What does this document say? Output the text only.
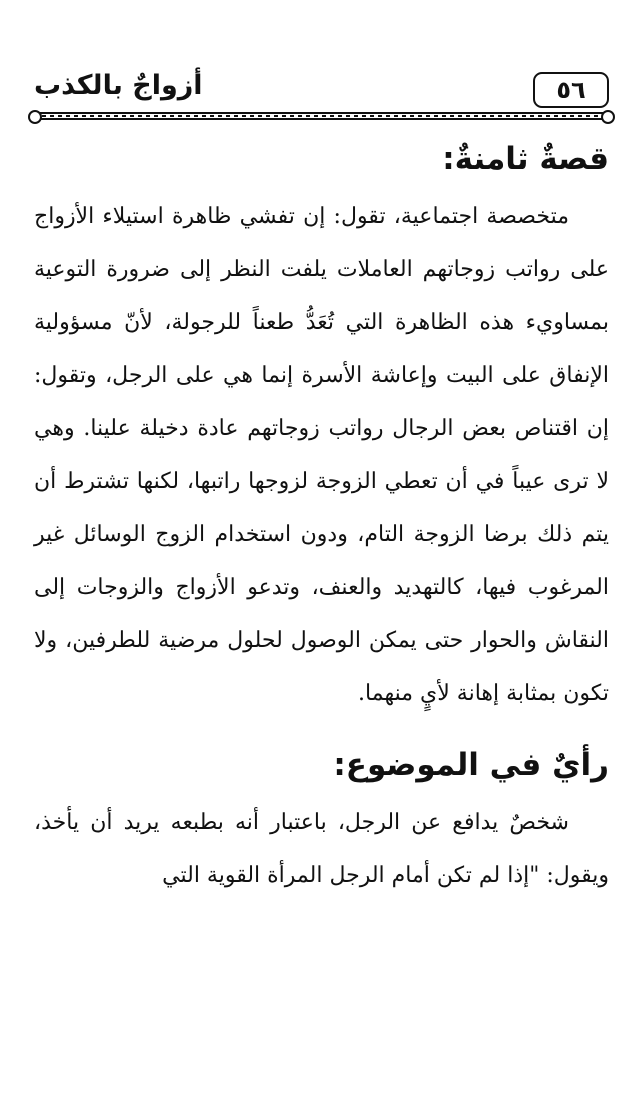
٥٦
أزواجٌ بالكذب
قصةٌ ثامنةٌ:

متخصصة اجتماعية، تقول: إن تفشي ظاهرة استيلاء الأزواج على رواتب زوجاتهم العاملات يلفت النظر إلى ضرورة التوعية بمساويء هذه الظاهرة التي تُعَدُّ طعناً للرجولة، لأنّ مسؤولية الإنفاق على البيت وإعاشة الأسرة إنما هي على الرجل، وتقول: إن اقتناص بعض الرجال رواتب زوجاتهم عادة دخيلة علينا. وهي لا ترى عيباً في أن تعطي الزوجة لزوجها راتبها، لكنها تشترط أن يتم ذلك برضا الزوجة التام، ودون استخدام الزوج الوسائل غير المرغوب فيها، كالتهديد والعنف، وتدعو الأزواج والزوجات إلى النقاش والحوار حتى يمكن الوصول لحلول مرضية للطرفين، ولا تكون بمثابة إهانة لأيٍ منهما.

رأيٌ في الموضوع:

شخصٌ يدافع عن الرجل، باعتبار أنه بطبعه يريد أن يأخذ، ويقول: "إذا لم تكن أمام الرجل المرأة القوية التي
